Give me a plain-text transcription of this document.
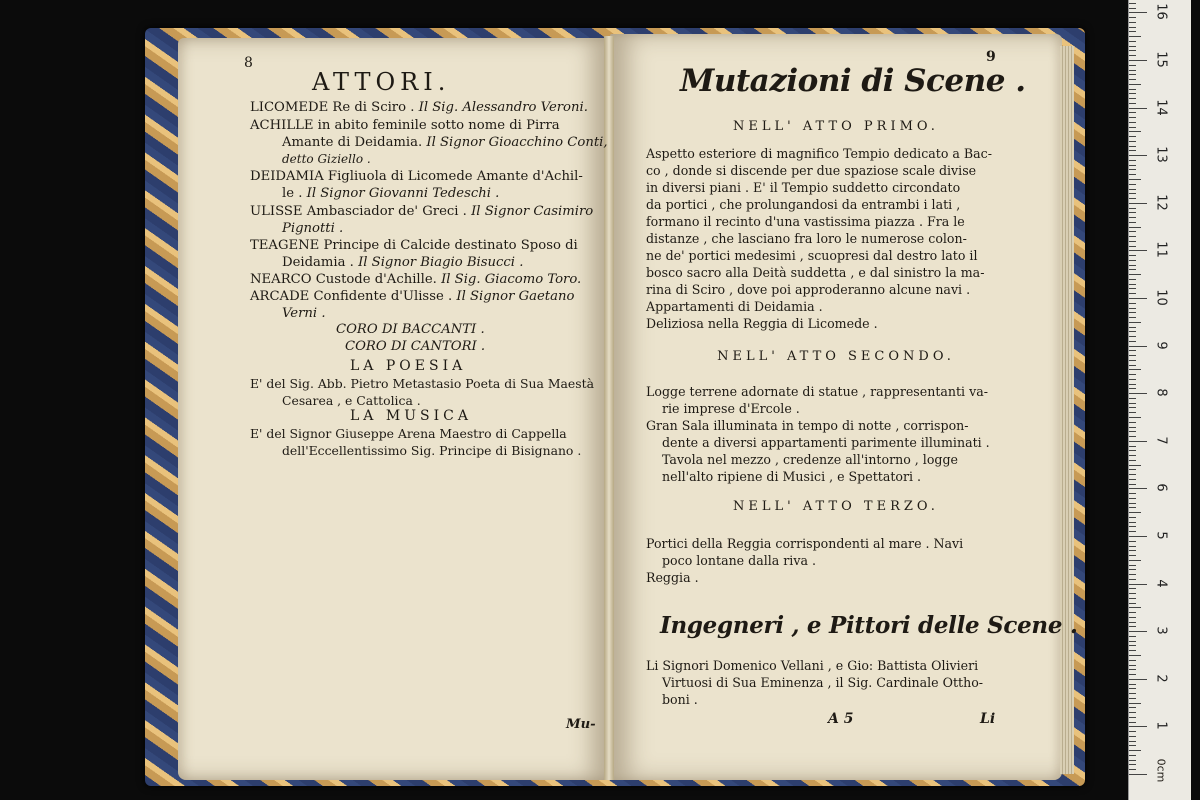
8
ATTORI.
LICOMEDE Re di Sciro . Il Sig. Alessandro Veroni.
ACHILLE in abito feminile sotto nome di Pirra
Amante di Deidamia. Il Signor Gioacchino Conti,
detto Giziello .
DEIDAMIA Figliuola di Licomede Amante d'Achil-
le . Il Signor Giovanni Tedeschi .
ULISSE Ambasciador de' Greci . Il Signor Casimiro
Pignotti .
TEAGENE Principe di Calcide destinato Sposo di
Deidamia . Il Signor Biagio Bisucci .
NEARCO Custode d'Achille. Il Sig. Giacomo Toro.
ARCADE Confidente d'Ulisse . Il Signor Gaetano
Verni .
CORO DI BACCANTI .
CORO DI CANTORI .
LA POESIA
E' del Sig. Abb. Pietro Metastasio Poeta di Sua Maestà
Cesarea , e Cattolica .
LA MUSICA
E' del Signor Giuseppe Arena Maestro di Cappella
dell'Eccellentissimo Sig. Principe di Bisignano .
Mu-
9
Mutazioni di Scene .
NELL' ATTO PRIMO.
Aspetto esteriore di magnifico Tempio dedicato a Bac-
co , donde si discende per due spaziose scale divise
in diversi piani . E' il Tempio suddetto circondato
da portici , che prolungandosi da entrambi i lati ,
formano il recinto d'una vastissima piazza . Fra le
distanze , che lasciano fra loro le numerose colon-
ne de' portici medesimi , scuopresi dal destro lato il
bosco sacro alla Deità suddetta , e dal sinistro la ma-
rina di Sciro , dove poi approderanno alcune navi .
Appartamenti di Deidamia .
Deliziosa nella Reggia di Licomede .
NELL' ATTO SECONDO.
Logge terrene adornate di statue , rappresentanti va-
rie imprese d'Ercole .
Gran Sala illuminata in tempo di notte , corrispon-
dente a diversi appartamenti parimente illuminati .
Tavola nel mezzo , credenze all'intorno , logge
nell'alto ripiene di Musici , e Spettatori .
NELL' ATTO TERZO.
Portici della Reggia corrispondenti al mare . Navi
poco lontane dalla riva .
Reggia .
Ingegneri , e Pittori delle Scene .
Li Signori Domenico Vellani , e Gio: Battista Olivieri
Virtuosi di Sua Eminenza , il Sig. Cardinale Ottho-
boni .
A 5	Li	1
2
3
4
5
6
7
8
9
10
11
12
13
14
15
16
0cm
